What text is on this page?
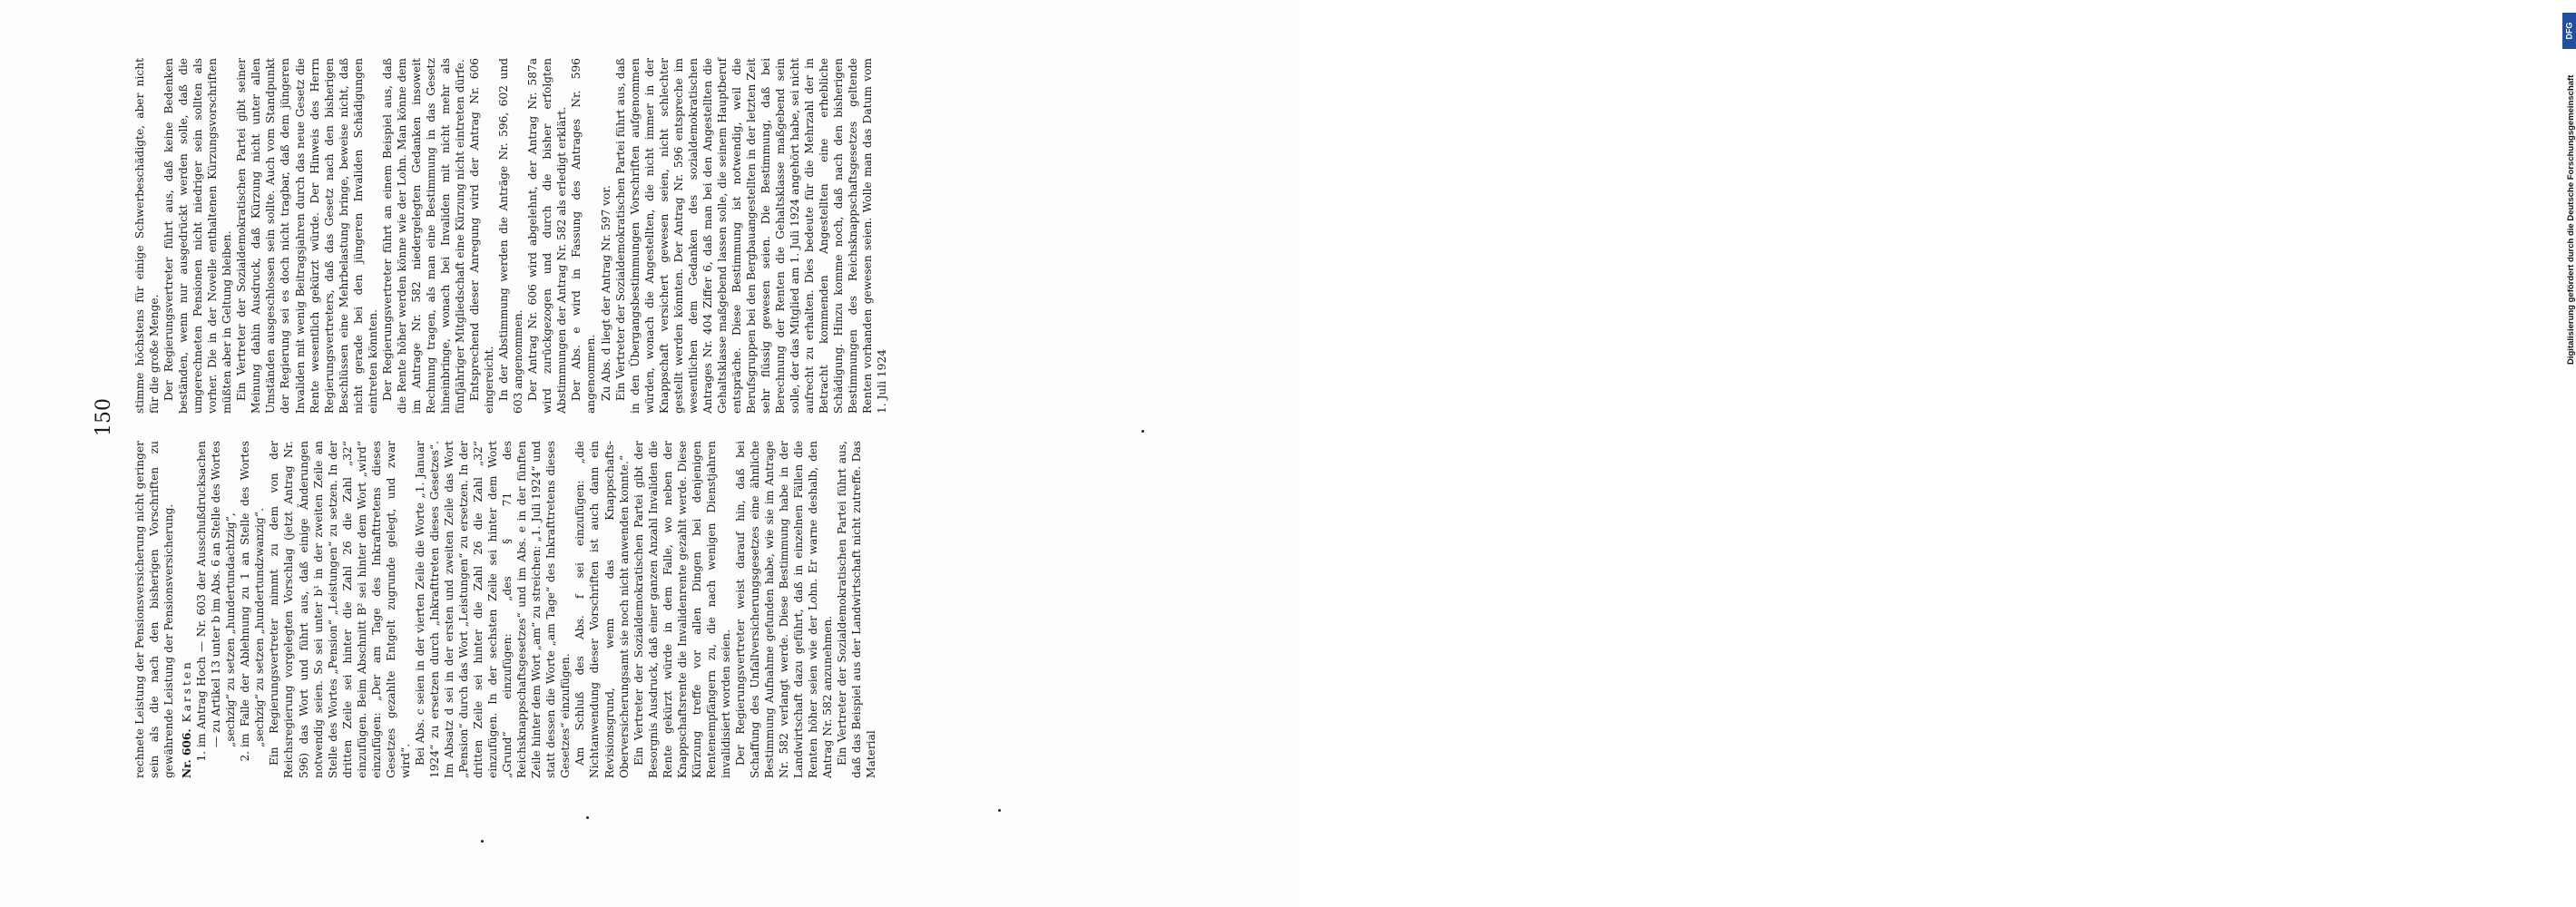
150

rechnete Leistung der Pensionsversicherung nicht geringer sein als die nach den bisherigen Vorschriften zu gewährende Leistung der Pensionsversicherung. Nr. 606. Karsten 1. im Antrag Hoch — Nr. 603 der Ausschußdrucksachen — zu Artikel 13 unter b im Abs. 6 an Stelle des Wortes „sechzig“ zu setzen „hundertundachtzig“, 2. im Falle der Ablehnung zu 1 an Stelle des Wortes „sechzig“ zu setzen „hundertundzwanzig“. Ein Regierungsvertreter nimmt zu dem von der Reichsregierung vorgelegten Vorschlag (jetzt Antrag Nr. 596) das Wort und führt aus, daß einige Änderungen notwendig seien. So sei unter b¹ in der zweiten Zeile an Stelle des Wortes „Pension“ „Leistungen“ zu setzen. In der dritten Zeile sei hinter die Zahl 26 die Zahl „32“ einzufügen. Beim Abschnitt B² sei hinter dem Wort „wird“ einzufügen: „Der am Tage des Inkrafttretens dieses Gesetzes gezahlte Entgelt zugrunde gelegt, und zwar wird“. Bei Abs. c seien in der vierten Zeile die Worte „1. Januar 1924“ zu ersetzen durch „Inkrafttreten dieses Gesetzes“. Im Absatz d sei in der ersten und zweiten Zeile das Wort „Pension“ durch das Wort „Leistungen“ zu ersetzen. In der dritten Zeile sei hinter die Zahl 26 die Zahl „32“ einzufügen. In der sechsten Zeile sei hinter dem Wort „Grund“ einzufügen: „des § 71 des Reichsknappschaftsgesetzes“ und im Abs. e in der fünften Zeile hinter dem Wort „am“ zu streichen: „1. Juli 1924“ und statt dessen die Worte „am Tage“ des Inkrafttretens dieses Gesetzes“ einzufügen. Am Schluß des Abs. f sei einzufügen: „die Nichtanwendung dieser Vorschriften ist auch dann ein Revisionsgrund, wenn das Knappschafts-Oberversicherungsamt sie noch nicht anwenden konnte.“ Ein Vertreter der Sozialdemokratischen Partei gibt der Besorgnis Ausdruck, daß einer ganzen Anzahl Invaliden die Rente gekürzt würde in dem Falle, wo neben der Knappschaftsrente die Invalidenrente gezahlt werde. Diese Kürzung treffe vor allen Dingen bei denjenigen Rentenempfängern zu, die nach wenigen Dienstjahren invalidisiert worden seien. Der Regierungsvertreter weist darauf hin, daß bei Schaffung des Unfallversicherungsgesetzes eine ähnliche Bestimmung Aufnahme gefunden habe, wie sie im Antrage Nr. 582 verlangt werde. Diese Bestimmung habe in der Landwirtschaft dazu geführt, daß in einzelnen Fällen die Renten höher seien wie der Lohn. Er warne deshalb, den Antrag Nr. 582 anzunehmen. Ein Vertreter der Sozialdemokratischen Partei führt aus, daß das Beispiel aus der Landwirtschaft nicht zutreffe. Das Material

stimme höchstens für einige Schwerbeschädigte, aber nicht für die große Menge. Der Regierungsvertreter führt aus, daß keine Bedenken beständen, wenn nur ausgedrückt werden solle, daß die umgerechneten Pensionen nicht niedriger sein sollten als vorher. Die in der Novelle enthaltenen Kürzungsvorschriften müßten aber in Geltung bleiben. Ein Vertreter der Sozialdemokratischen Partei gibt seiner Meinung dahin Ausdruck, daß Kürzung nicht unter allen Umständen ausgeschlossen sein sollte. Auch vom Standpunkt der Regierung sei es doch nicht tragbar, daß dem jüngeren Invaliden mit wenig Beitragsjahren durch das neue Gesetz die Rente wesentlich gekürzt würde. Der Hinweis des Herrn Regierungsvertreters, daß das Gesetz nach den bisherigen Beschlüssen eine Mehrbelastung bringe, beweise nicht, daß nicht gerade bei den jüngeren Invaliden Schädigungen eintreten könnten. Der Regierungsvertreter führt an einem Beispiel aus, daß die Rente höher werden könne wie der Lohn. Man könne dem im Antrage Nr. 582 niedergelegten Gedanken insoweit Rechnung tragen, als man eine Bestimmung in das Gesetz hineinbringe, wonach bei Invaliden mit nicht mehr als fünfjähriger Mitgliedschaft eine Kürzung nicht eintreten dürfe. Entsprechend dieser Anregung wird der Antrag Nr. 606 eingereicht. In der Abstimmung werden die Anträge Nr. 596, 602 und 603 angenommen. Der Antrag Nr. 606 wird abgelehnt, der Antrag Nr. 587a wird zurückgezogen und durch die bisher erfolgten Abstimmungen der Antrag Nr. 582 als erledigt erklärt. Der Abs. e wird in Fassung des Antrages Nr. 596 angenommen. Zu Abs. d liegt der Antrag Nr. 597 vor. Ein Vertreter der Sozialdemokratischen Partei führt aus, daß in den Übergangsbestimmungen Vorschriften aufgenommen würden, wonach die Angestellten, die nicht immer in der Knappschaft versichert gewesen seien, nicht schlechter gestellt werden könnten. Der Antrag Nr. 596 entspreche im wesentlichen dem Gedanken des sozialdemokratischen Antrages Nr. 404 Ziffer 6, daß man bei den Angestellten die Gehaltsklasse maßgebend lassen solle, die seinem Hauptberuf entspräche. Diese Bestimmung ist notwendig, weil die Berufsgruppen bei den Bergbauangestellten in der letzten Zeit sehr flüssig gewesen seien. Die Bestimmung, daß bei Berechnung der Renten die Gehaltsklasse maßgebend sein solle, der das Mitglied am 1. Juli 1924 angehört habe, sei nicht aufrecht zu erhalten. Dies bedeute für die Mehrzahl der in Betracht kommenden Angestellten eine erhebliche Schädigung. Hinzu komme noch, daß nach den bisherigen Bestimmungen des Reichsknappschaftsgesetzes geltende Renten vorhanden gewesen seien. Wolle man das Datum vom 1. Juli 1924

DFG
Digitalisierung gefördert durch die Deutsche Forschungsgemeinschaft
